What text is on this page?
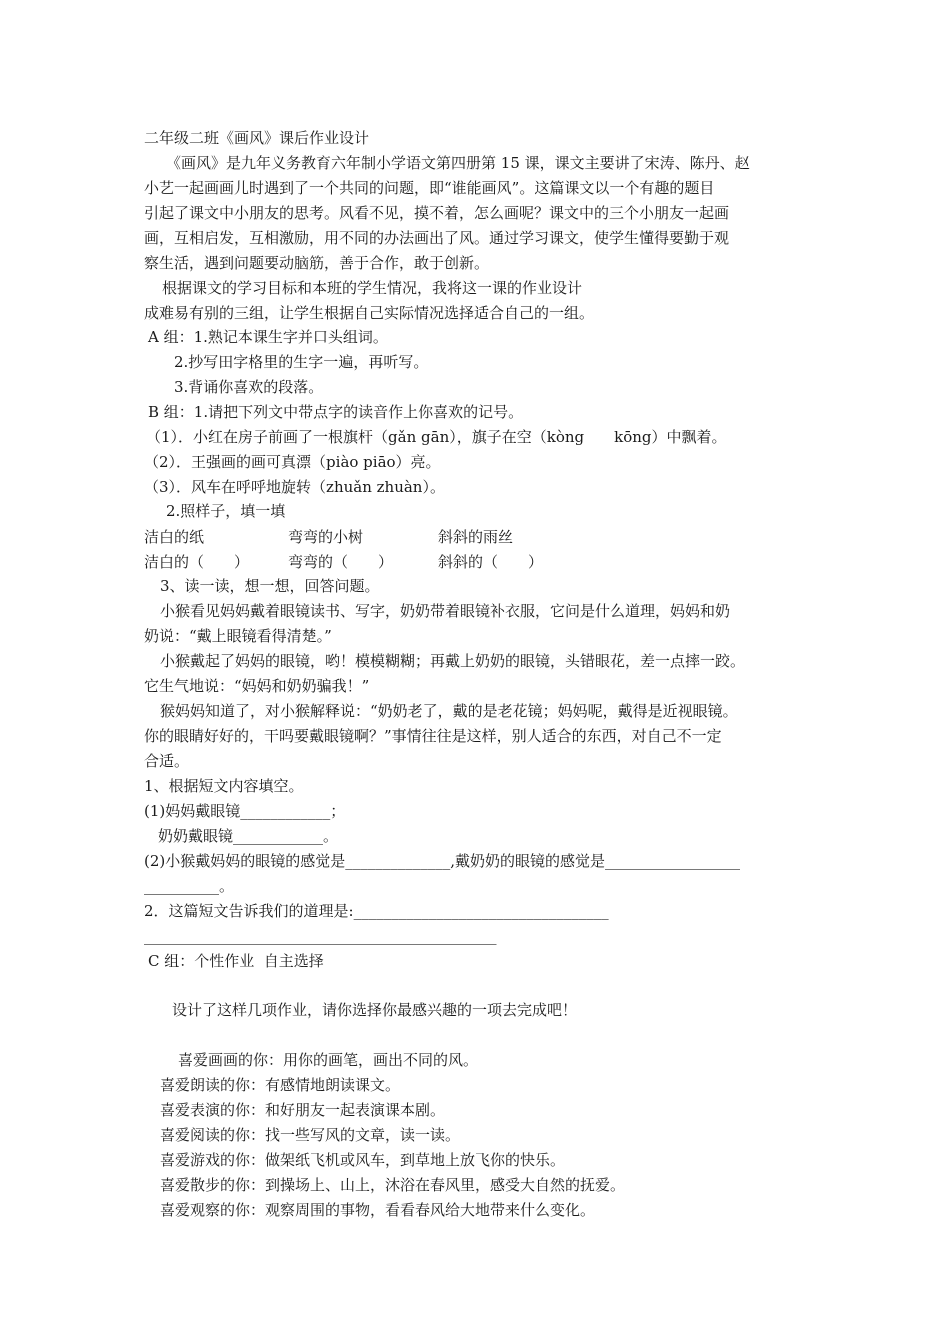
二年级二班《画风》课后作业设计
《画风》是九年义务教育六年制小学语文第四册第 15 课，课文主要讲了宋涛、陈丹、赵
小艺一起画画儿时遇到了一个共同的问题，即“谁能画风”。这篇课文以一个有趣的题目
引起了课文中小朋友的思考。风看不见，摸不着，怎么画呢？课文中的三个小朋友一起画
画，互相启发，互相激励，用不同的办法画出了风。通过学习课文，使学生懂得要勤于观
察生活，遇到问题要动脑筋，善于合作，敢于创新。
根据课文的学习目标和本班的学生情况，我将这一课的作业设计
成难易有别的三组，让学生根据自己实际情况选择适合自己的一组。
A 组：1.熟记本课生字并口头组词。
2.抄写田字格里的生字一遍，再听写。
3.背诵你喜欢的段落。
B 组：1.请把下列文中带点字的读音作上你喜欢的记号。
（1）．小红在房子前画了一根旗杆（gǎn gān），旗子在空（kòng　　kōng）中飘着。
（2）．王强画的画可真漂（piào piāo）亮。
（3）．风车在呼呼地旋转（zhuǎn zhuàn）。
2.照样子，填一填
洁白的纸	弯弯的小树	斜斜的雨丝
洁白的（　　）	弯弯的（　　）	斜斜的（　　）
3、读一读，想一想，回答问题。
小猴看见妈妈戴着眼镜读书、写字，奶奶带着眼镜补衣服，它问是什么道理，妈妈和奶
奶说：“戴上眼镜看得清楚。”
小猴戴起了妈妈的眼镜，哟！模模糊糊；再戴上奶奶的眼镜，头错眼花，差一点摔一跤。
它生气地说：“妈妈和奶奶骗我！”
猴妈妈知道了，对小猴解释说：“奶奶老了，戴的是老花镜；妈妈呢，戴得是近视眼镜。
你的眼睛好好的，干吗要戴眼镜啊？”事情往往是这样，别人适合的东西，对自己不一定
合适。
1、根据短文内容填空。
(1)妈妈戴眼镜____________；
奶奶戴眼镜____________。
(2)小猴戴妈妈的眼镜的感觉是______________,戴奶奶的眼镜的感觉是__________________
__________。
2．这篇短文告诉我们的道理是:__________________________________
_______________________________________________
C 组：个性作业  自主选择
设计了这样几项作业，请你选择你最感兴趣的一项去完成吧！
喜爱画画的你：用你的画笔，画出不同的风。
喜爱朗读的你：有感情地朗读课文。
喜爱表演的你：和好朋友一起表演课本剧。
喜爱阅读的你：找一些写风的文章，读一读。
喜爱游戏的你：做架纸飞机或风车，到草地上放飞你的快乐。
喜爱散步的你：到操场上、山上，沐浴在春风里，感受大自然的抚爱。
喜爱观察的你：观察周围的事物，看看春风给大地带来什么变化。
